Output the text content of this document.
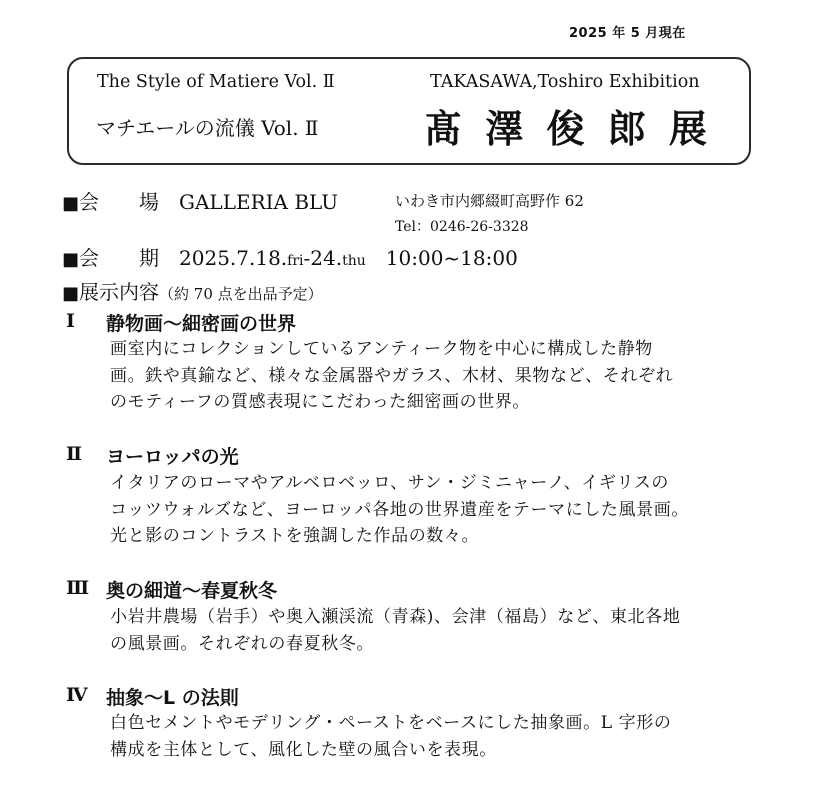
2025 年 5 月現在
The Style of Matiere Vol. Ⅱ	TAKASAWA,Toshiro Exhibition
マチエールの流儀 Vol. Ⅱ	髙 澤 俊 郎 展
■会　　場　 GALLERIA BLU	いわき市内郷綴町高野作 62
Tel：0246-26-3328
■会　　期　 2025.7.18.fri-24.thu　 10:00~18:00
■展示内容（約 70 点を出品予定）
Ⅰ 静物画～細密画の世界
画室内にコレクションしているアンティーク物を中心に構成した静物
画。鉄や真鍮など、様々な金属器やガラス、木材、果物など、それぞれ
のモティーフの質感表現にこだわった細密画の世界。
Ⅱ ヨーロッパの光
イタリアのローマやアルベロベッロ、サン・ジミニャーノ、イギリスの
コッツウォルズなど、ヨーロッパ各地の世界遺産をテーマにした風景画。
光と影のコントラストを強調した作品の数々。
Ⅲ 奥の細道～春夏秋冬
小岩井農場（岩手）や奥入瀬渓流（青森)、会津（福島）など、東北各地
の風景画。それぞれの春夏秋冬。
Ⅳ 抽象～L の法則
白色セメントやモデリング・ペーストをベースにした抽象画。L 字形の
構成を主体として、風化した壁の風合いを表現。
